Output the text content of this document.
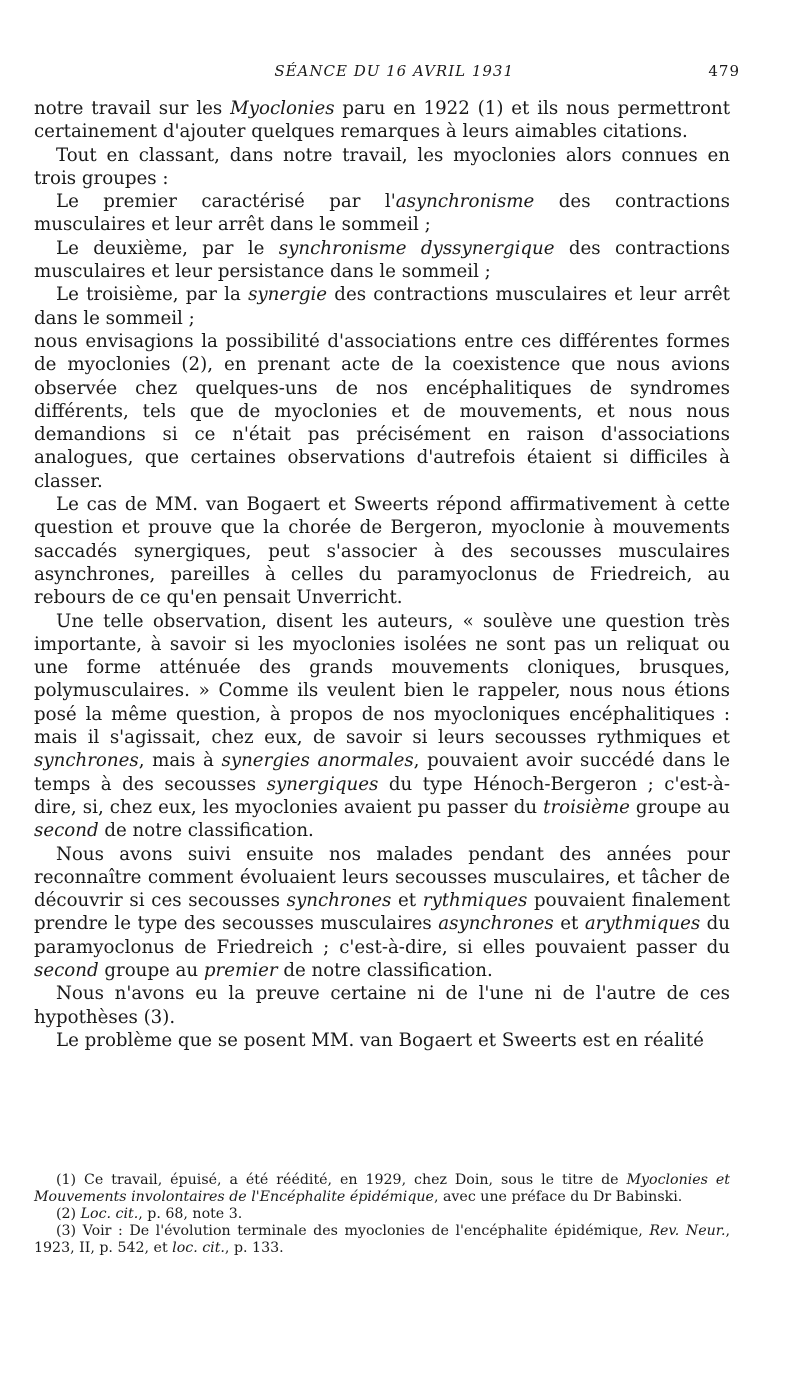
SÉANCE DU 16 AVRIL 1931	479

notre travail sur les Myoclonies paru en 1922 (1) et ils nous permettront certainement d'ajouter quelques remarques à leurs aimables citations.

Tout en classant, dans notre travail, les myoclonies alors connues en trois groupes :

Le premier caractérisé par l'asynchronisme des contractions musculaires et leur arrêt dans le sommeil ;

Le deuxième, par le synchronisme dyssynergique des contractions musculaires et leur persistance dans le sommeil ;

Le troisième, par la synergie des contractions musculaires et leur arrêt dans le sommeil ;

nous envisagions la possibilité d'associations entre ces différentes formes de myoclonies (2), en prenant acte de la coexistence que nous avions observée chez quelques-uns de nos encéphalitiques de syndromes différents, tels que de myoclonies et de mouvements, et nous nous demandions si ce n'était pas précisément en raison d'associations analogues, que certaines observations d'autrefois étaient si difficiles à classer.

Le cas de MM. van Bogaert et Sweerts répond affirmativement à cette question et prouve que la chorée de Bergeron, myoclonie à mouvements saccadés synergiques, peut s'associer à des secousses musculaires asynchrones, pareilles à celles du paramyoclonus de Friedreich, au rebours de ce qu'en pensait Unverricht.

Une telle observation, disent les auteurs, « soulève une question très importante, à savoir si les myoclonies isolées ne sont pas un reliquat ou une forme atténuée des grands mouvements cloniques, brusques, polymusculaires. » Comme ils veulent bien le rappeler, nous nous étions posé la même question, à propos de nos myocloniques encéphalitiques : mais il s'agissait, chez eux, de savoir si leurs secousses rythmiques et synchrones, mais à synergies anormales, pouvaient avoir succédé dans le temps à des secousses synergiques du type Hénoch-Bergeron ; c'est-à-dire, si, chez eux, les myoclonies avaient pu passer du troisième groupe au second de notre classification.

Nous avons suivi ensuite nos malades pendant des années pour reconnaître comment évoluaient leurs secousses musculaires, et tâcher de découvrir si ces secousses synchrones et rythmiques pouvaient finalement prendre le type des secousses musculaires asynchrones et arythmiques du paramyoclonus de Friedreich ; c'est-à-dire, si elles pouvaient passer du second groupe au premier de notre classification.

Nous n'avons eu la preuve certaine ni de l'une ni de l'autre de ces hypothèses (3).

Le problème que se posent MM. van Bogaert et Sweerts est en réalité

(1) Ce travail, épuisé, a été réédité, en 1929, chez Doin, sous le titre de Myoclonies et Mouvements involontaires de l'Encéphalite épidémique, avec une préface du Dr Babinski.

(2) Loc. cit., p. 68, note 3.

(3) Voir : De l'évolution terminale des myoclonies de l'encéphalite épidémique, Rev. Neur., 1923, II, p. 542, et loc. cit., p. 133.
